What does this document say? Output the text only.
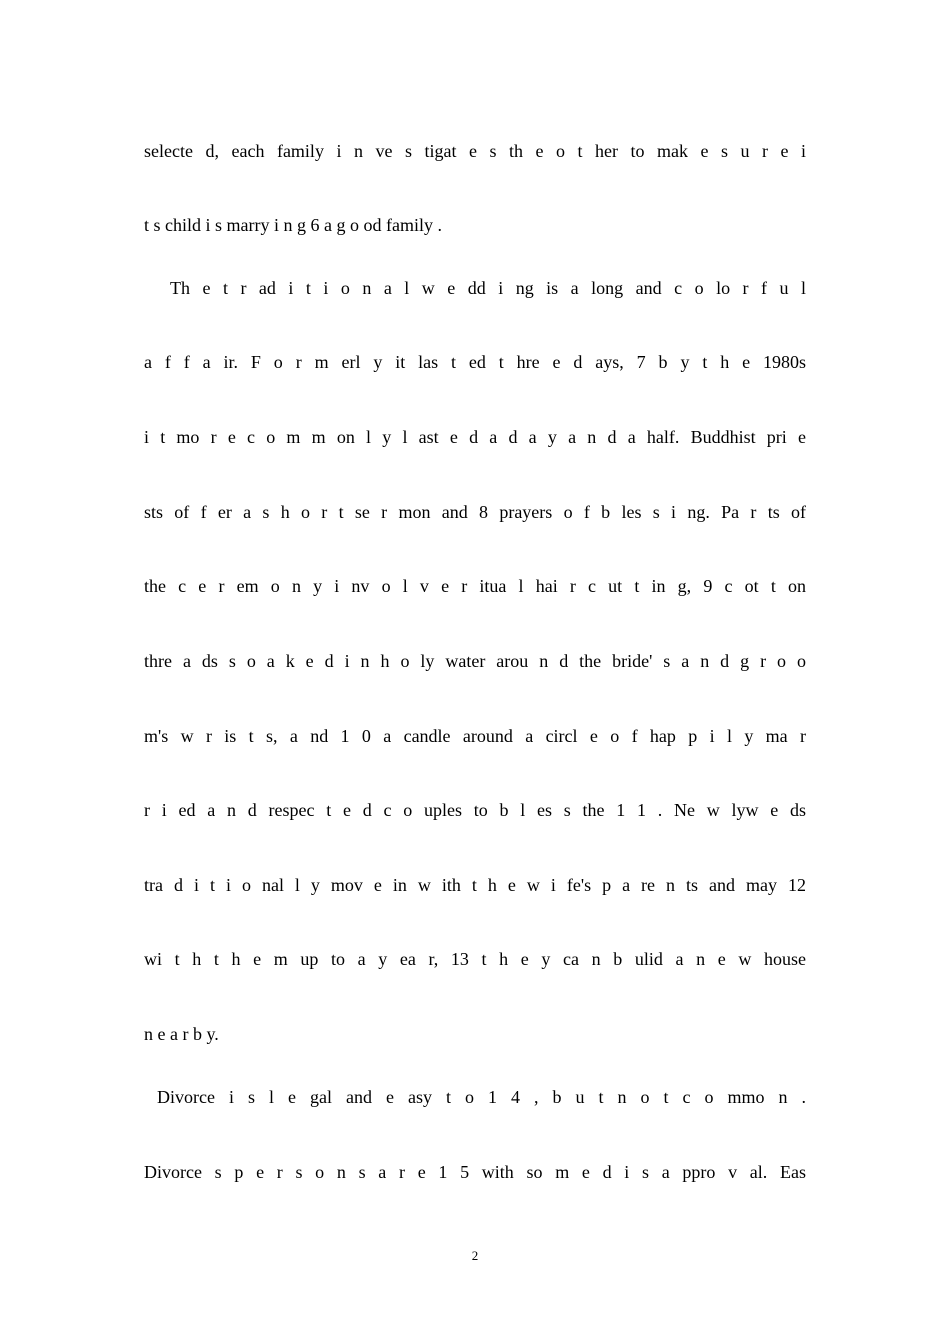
selecte d, each family i n ve s tigat e s th e o t her to mak e s u r e i
t s child i s marry i n g 6 a g o od family .
Th e t r ad i t i o n a l w e dd i ng is a long and c o lo r f u l
a f f a ir. F o r m erl y it las t ed t hre e d ays, 7 b y t h e 1980s
i t mo r e c o m m on l y l ast e d a d a y a n d a half. Buddhist pri e
sts of f er a s h o r t se r mon and 8 prayers o f b les s i ng. Pa r ts of
the c e r em o n y i nv o l v e r itua l hai r c ut t in g, 9 c ot t on
thre a ds s o a k e d i n h o ly water arou n d the bride' s a n d g r o o
m's w r is t s, a nd 1 0 a candle around a circl e o f hap p i l y ma r
r i ed a n d respec t e d c o uples to b l es s the 1 1 . Ne w lyw e ds
tra d i t i o nal l y mov e in w ith t h e w i fe's p a re n ts and may 12
wi t h t h e m up to a y ea r, 13 t h e y ca n b ulid a n e w house
n e a r b y.
Divorce i s l e gal and e asy t o 1 4 , b u t n o t c o mmo n .
Divorce s p e r s o n s a r e 1 5 with so m e d i s a ppro v al. Eas
2
